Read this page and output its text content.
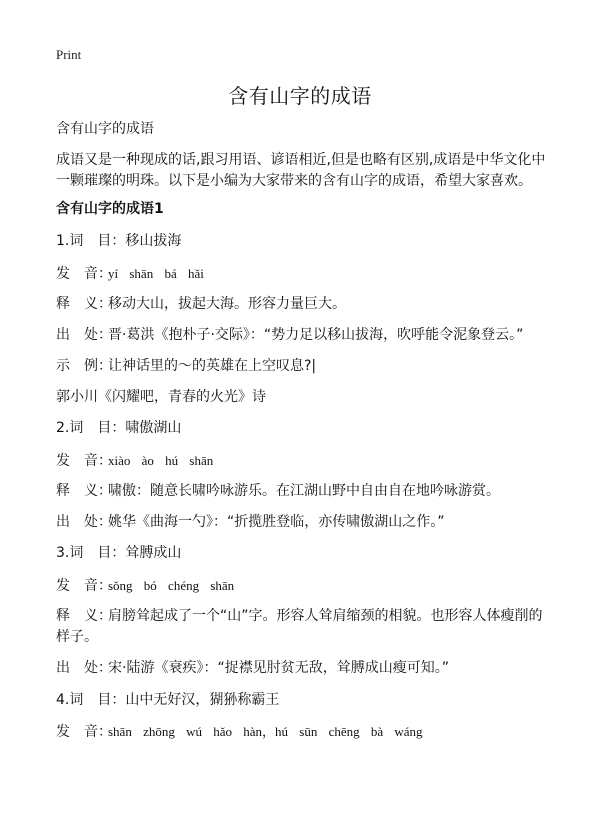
Print
含有山字的成语
含有山字的成语
成语又是一种现成的话,跟习用语、谚语相近,但是也略有区别,成语是中华文化中一颗璀璨的明珠。以下是小编为大家带来的含有山字的成语，希望大家喜欢。
含有山字的成语1
1.词　目：移山拔海
发　音：yí shān bá hǎi
释　义：移动大山，拔起大海。形容力量巨大。
出　处：晋·葛洪《抱朴子·交际》：“势力足以移山拔海，吹呼能令泥象登云。”
示　例：让神话里的～的英雄在上空叹息?|
郭小川《闪耀吧，青春的火光》诗
2.词　目：啸傲湖山
发　音：xiào ào hú shān
释　义：啸傲：随意长啸吟咏游乐。在江湖山野中自由自在地吟咏游赏。
出　处：姚华《曲海一勺》：“折揽胜登临，亦传啸傲湖山之作。”
3.词　目：耸膊成山
发　音：sǒng bó chéng shān
释　义：肩膀耸起成了一个“山”字。形容人耸肩缩颈的相貌。也形容人体瘦削的
样子。
出　处：宋·陆游《衰疾》：“捉襟见肘贫无敌，耸膊成山瘦可知。”
4.词　目：山中无好汉，猢狲称霸王
发　音：shān zhōng wú hǎo hàn，hú sūn chēng bà wáng
